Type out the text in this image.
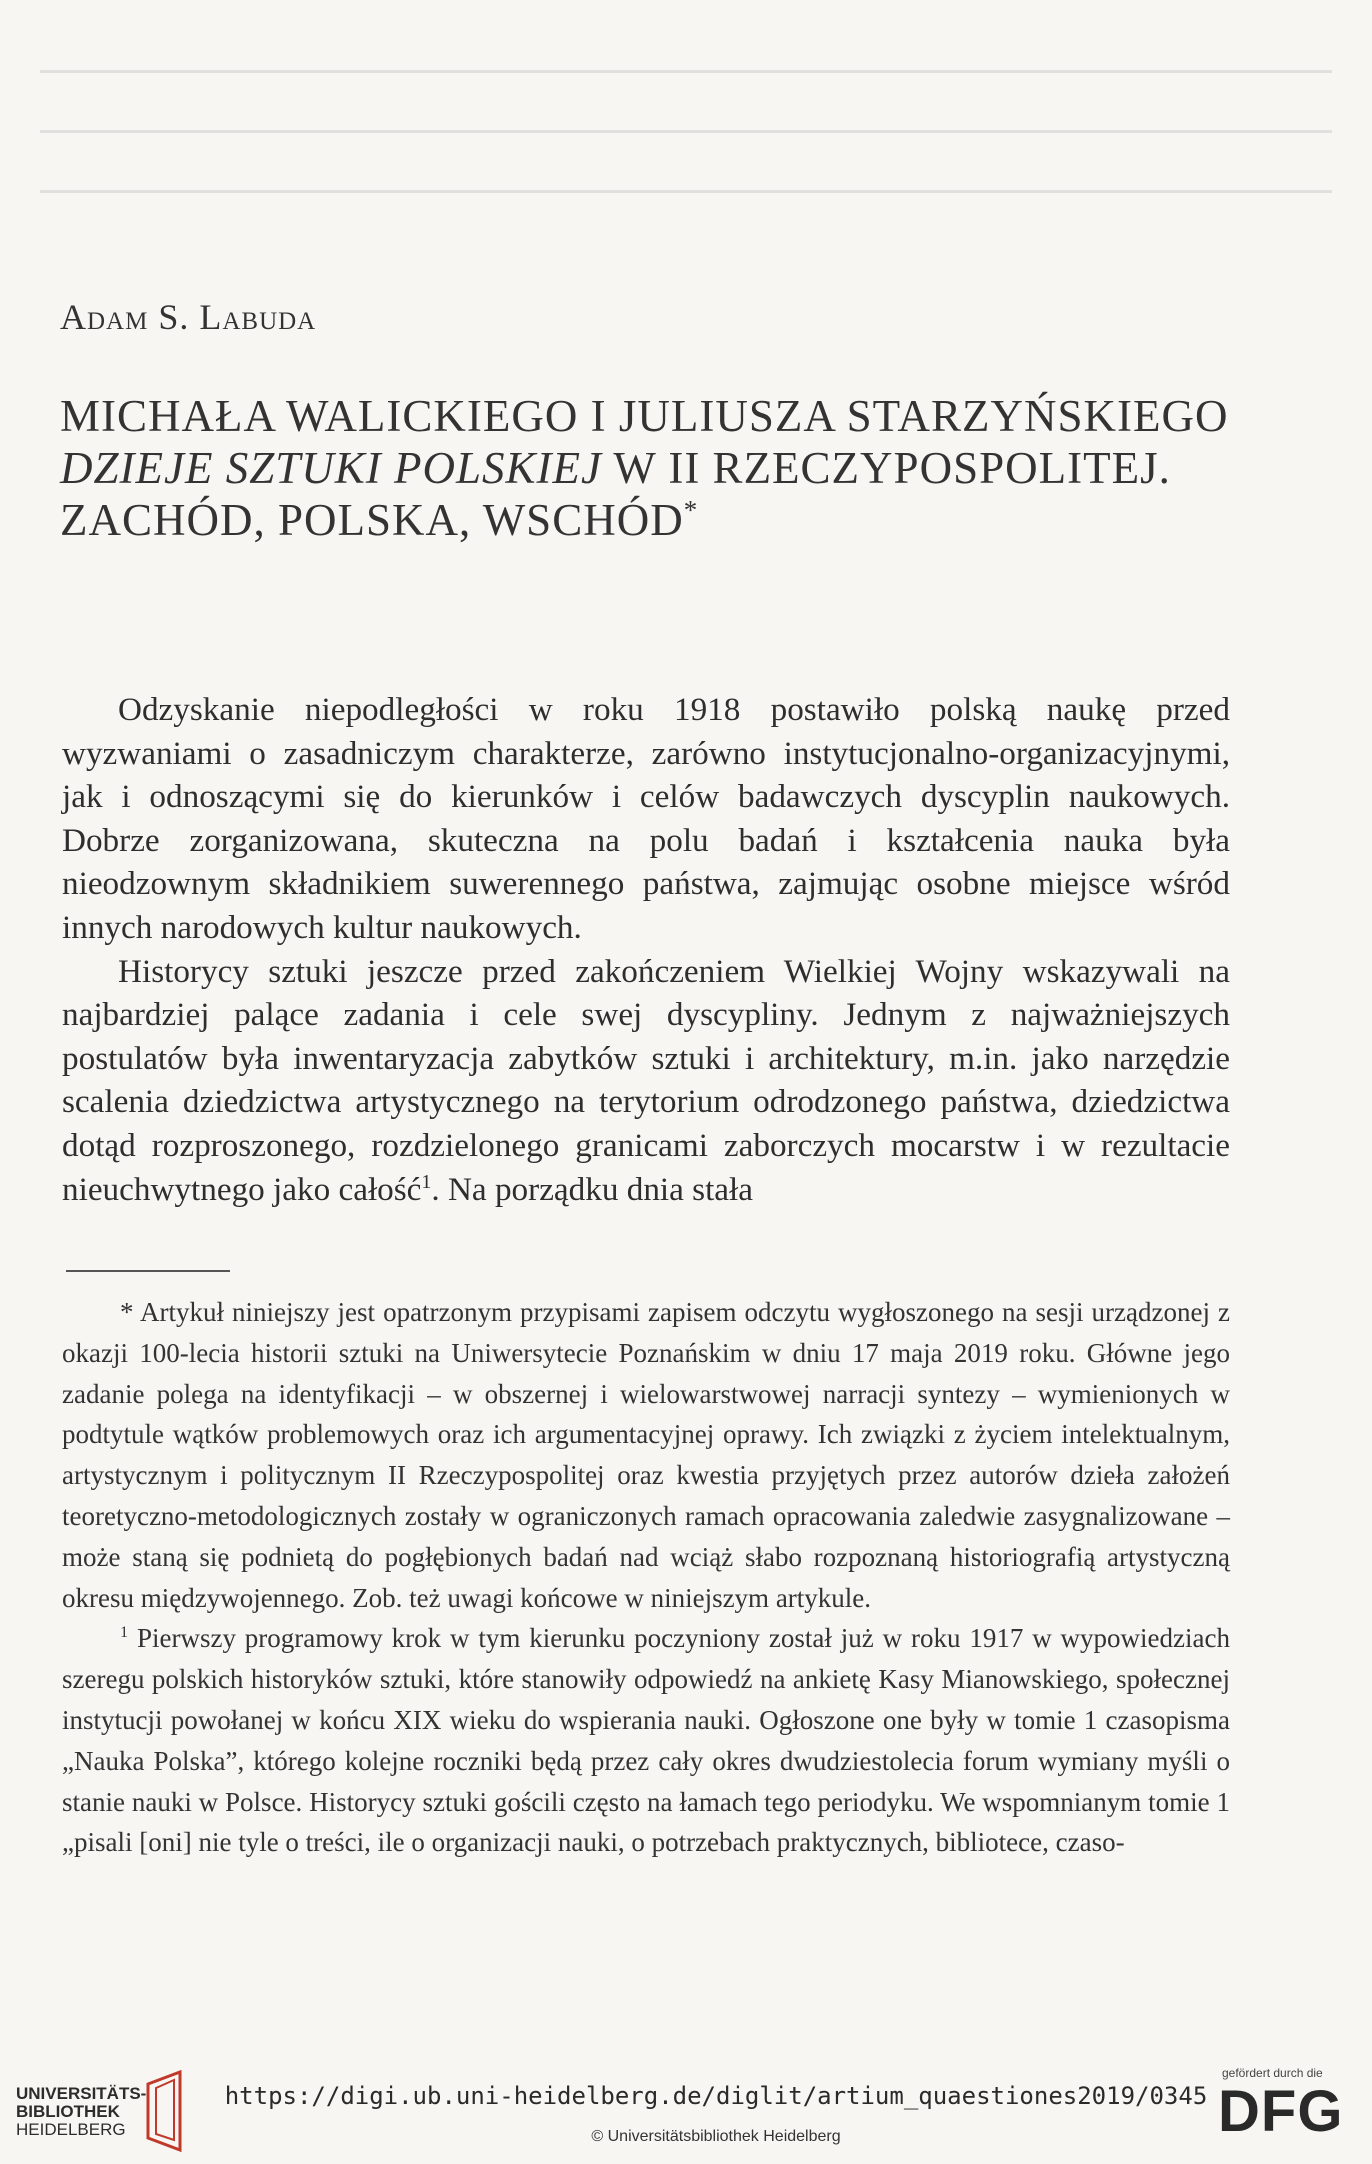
Adam S. Labuda
MICHAŁA WALICKIEGO I JULIUSZA STARZYŃSKIEGO
DZIEJE SZTUKI POLSKIEJ W II RZECZYPOSPOLITEJ.
ZACHÓD, POLSKA, WSCHÓD*

Odzyskanie niepodległości w roku 1918 postawiło polską naukę przed wyzwaniami o zasadniczym charakterze, zarówno instytucjonalno-organizacyjnymi, jak i odnoszącymi się do kierunków i celów badawczych dyscyplin naukowych. Dobrze zorganizowana, skuteczna na polu badań i kształcenia nauka była nieodzownym składnikiem suwerennego państwa, zajmując osobne miejsce wśród innych narodowych kultur naukowych.

Historycy sztuki jeszcze przed zakończeniem Wielkiej Wojny wskazywali na najbardziej palące zadania i cele swej dyscypliny. Jednym z najważniejszych postulatów była inwentaryzacja zabytków sztuki i architektury, m.in. jako narzędzie scalenia dziedzictwa artystycznego na terytorium odrodzonego państwa, dziedzictwa dotąd rozproszonego, rozdzielonego granicami zaborczych mocarstw i w rezultacie nieuchwytnego jako całość$^1$. Na porządku dnia stała

* Artykuł niniejszy jest opatrzonym przypisami zapisem odczytu wygłoszonego na sesji urządzonej z okazji 100-lecia historii sztuki na Uniwersytecie Poznańskim w dniu 17 maja 2019 roku. Główne jego zadanie polega na identyfikacji – w obszernej i wielowarstwowej narracji syntezy – wymienionych w podtytule wątków problemowych oraz ich argumentacyjnej oprawy. Ich związki z życiem intelektualnym, artystycznym i politycznym II Rzeczypospolitej oraz kwestia przyjętych przez autorów dzieła założeń teoretyczno-metodologicznych zostały w ograniczonych ramach opracowania zaledwie zasygnalizowane – może staną się podnietą do pogłębionych badań nad wciąż słabo rozpoznaną historiografią artystyczną okresu międzywojennego. Zob. też uwagi końcowe w niniejszym artykule.

$^1$ Pierwszy programowy krok w tym kierunku poczyniony został już w roku 1917 w wypowiedziach szeregu polskich historyków sztuki, które stanowiły odpowiedź na ankietę Kasy Mianowskiego, społecznej instytucji powołanej w końcu XIX wieku do wspierania nauki. Ogłoszone one były w tomie 1 czasopisma „Nauka Polska”, którego kolejne roczniki będą przez cały okres dwudziestolecia forum wymiany myśli o stanie nauki w Polsce. Historycy sztuki gościli często na łamach tego periodyku. We wspomnianym tomie 1 „pisali [oni] nie tyle o treści, ile o organizacji nauki, o potrzebach praktycznych, bibliotece, czaso-

UNIVERSITÄTS-
BIBLIOTHEK
HEIDELBERG
https://digi.ub.uni-heidelberg.de/diglit/artium_quaestiones2019/0345
© Universitätsbibliothek Heidelberg
gefördert durch die
DFG
